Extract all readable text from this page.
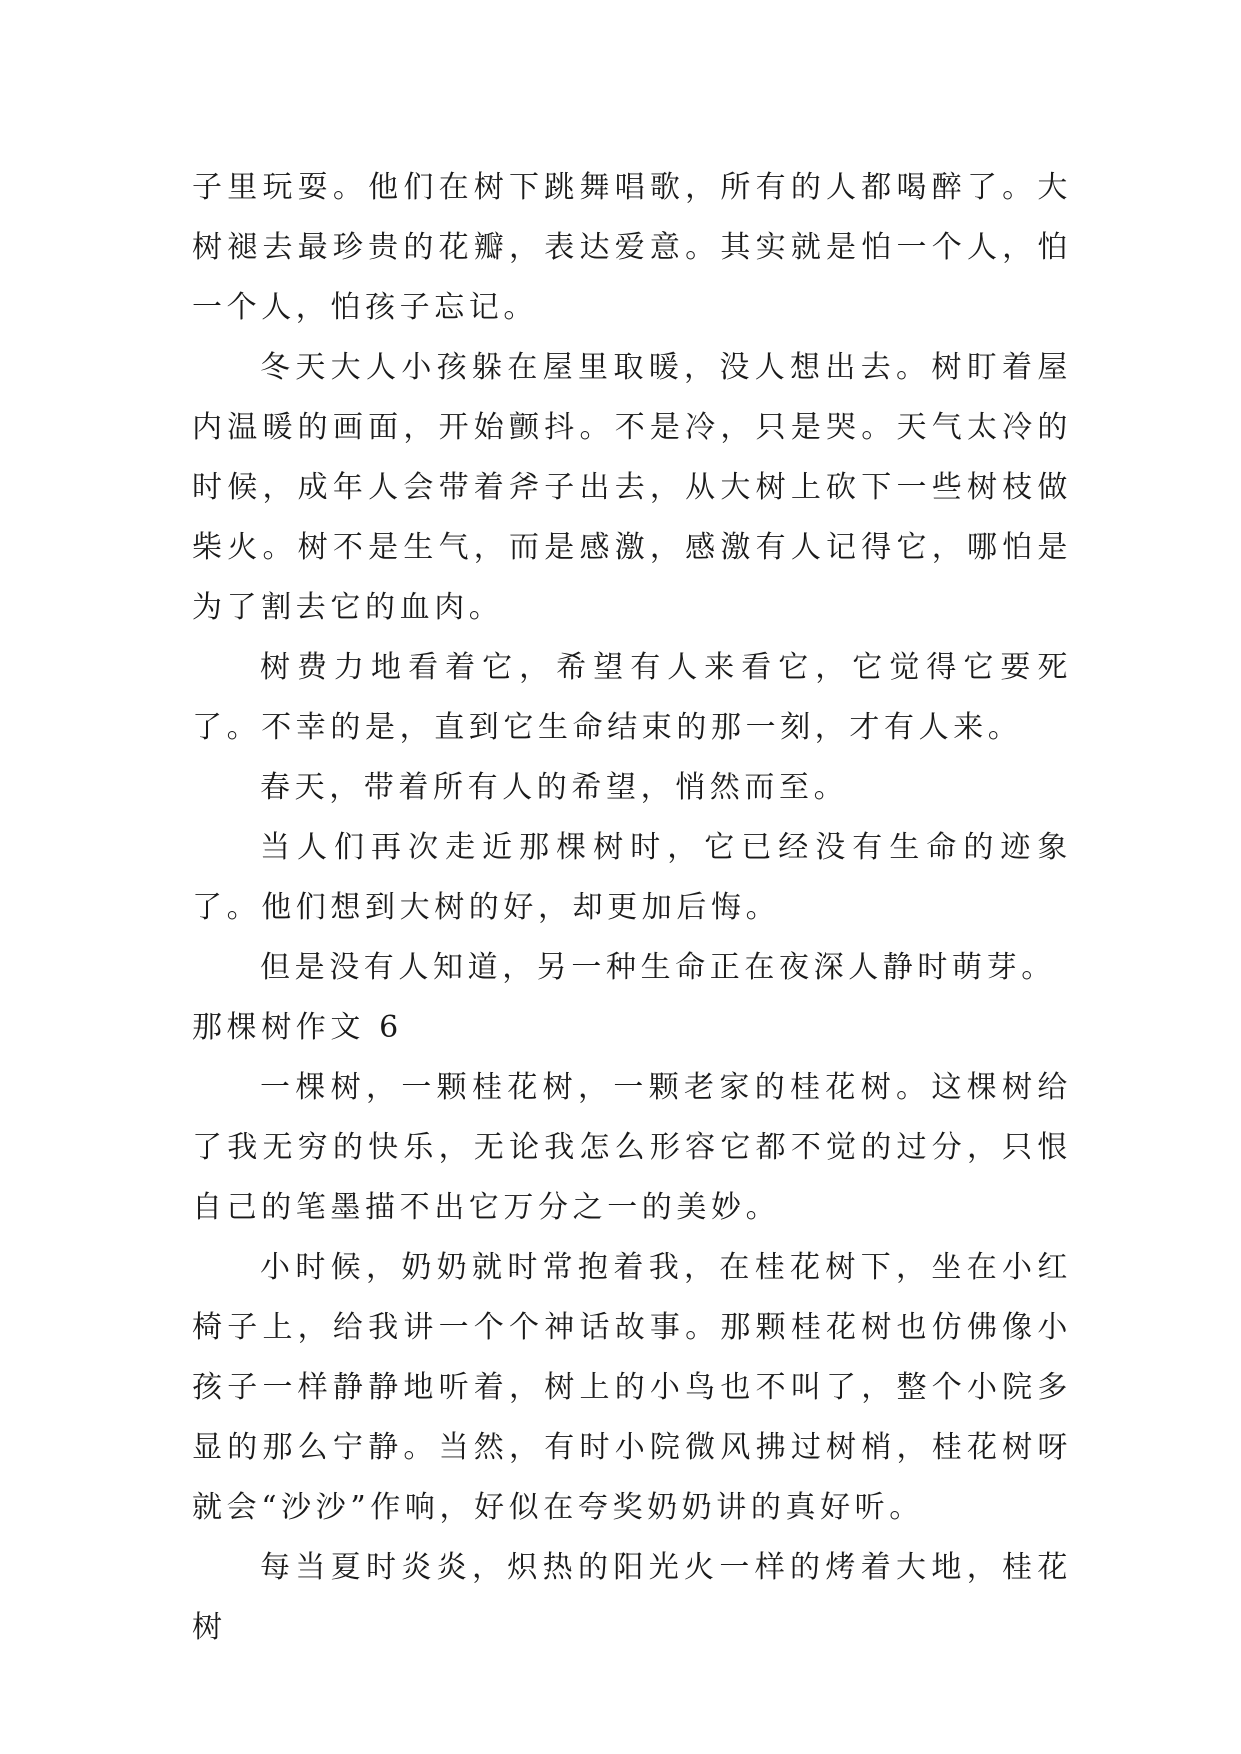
子里玩耍。他们在树下跳舞唱歌，所有的人都喝醉了。大树褪去最珍贵的花瓣，表达爱意。其实就是怕一个人，怕一个人，怕孩子忘记。

冬天大人小孩躲在屋里取暖，没人想出去。树盯着屋内温暖的画面，开始颤抖。不是冷，只是哭。天气太冷的时候，成年人会带着斧子出去，从大树上砍下一些树枝做柴火。树不是生气，而是感激，感激有人记得它，哪怕是为了割去它的血肉。

树费力地看着它，希望有人来看它，它觉得它要死了。不幸的是，直到它生命结束的那一刻，才有人来。

春天，带着所有人的希望，悄然而至。

当人们再次走近那棵树时，它已经没有生命的迹象了。他们想到大树的好，却更加后悔。

但是没有人知道，另一种生命正在夜深人静时萌芽。

那棵树作文 6

一棵树，一颗桂花树，一颗老家的桂花树。这棵树给了我无穷的快乐，无论我怎么形容它都不觉的过分，只恨自己的笔墨描不出它万分之一的美妙。

小时候，奶奶就时常抱着我，在桂花树下，坐在小红椅子上，给我讲一个个神话故事。那颗桂花树也仿佛像小孩子一样静静地听着，树上的小鸟也不叫了，整个小院多显的那么宁静。当然，有时小院微风拂过树梢，桂花树呀就会“沙沙”作响，好似在夸奖奶奶讲的真好听。

每当夏时炎炎，炽热的阳光火一样的烤着大地，桂花树
